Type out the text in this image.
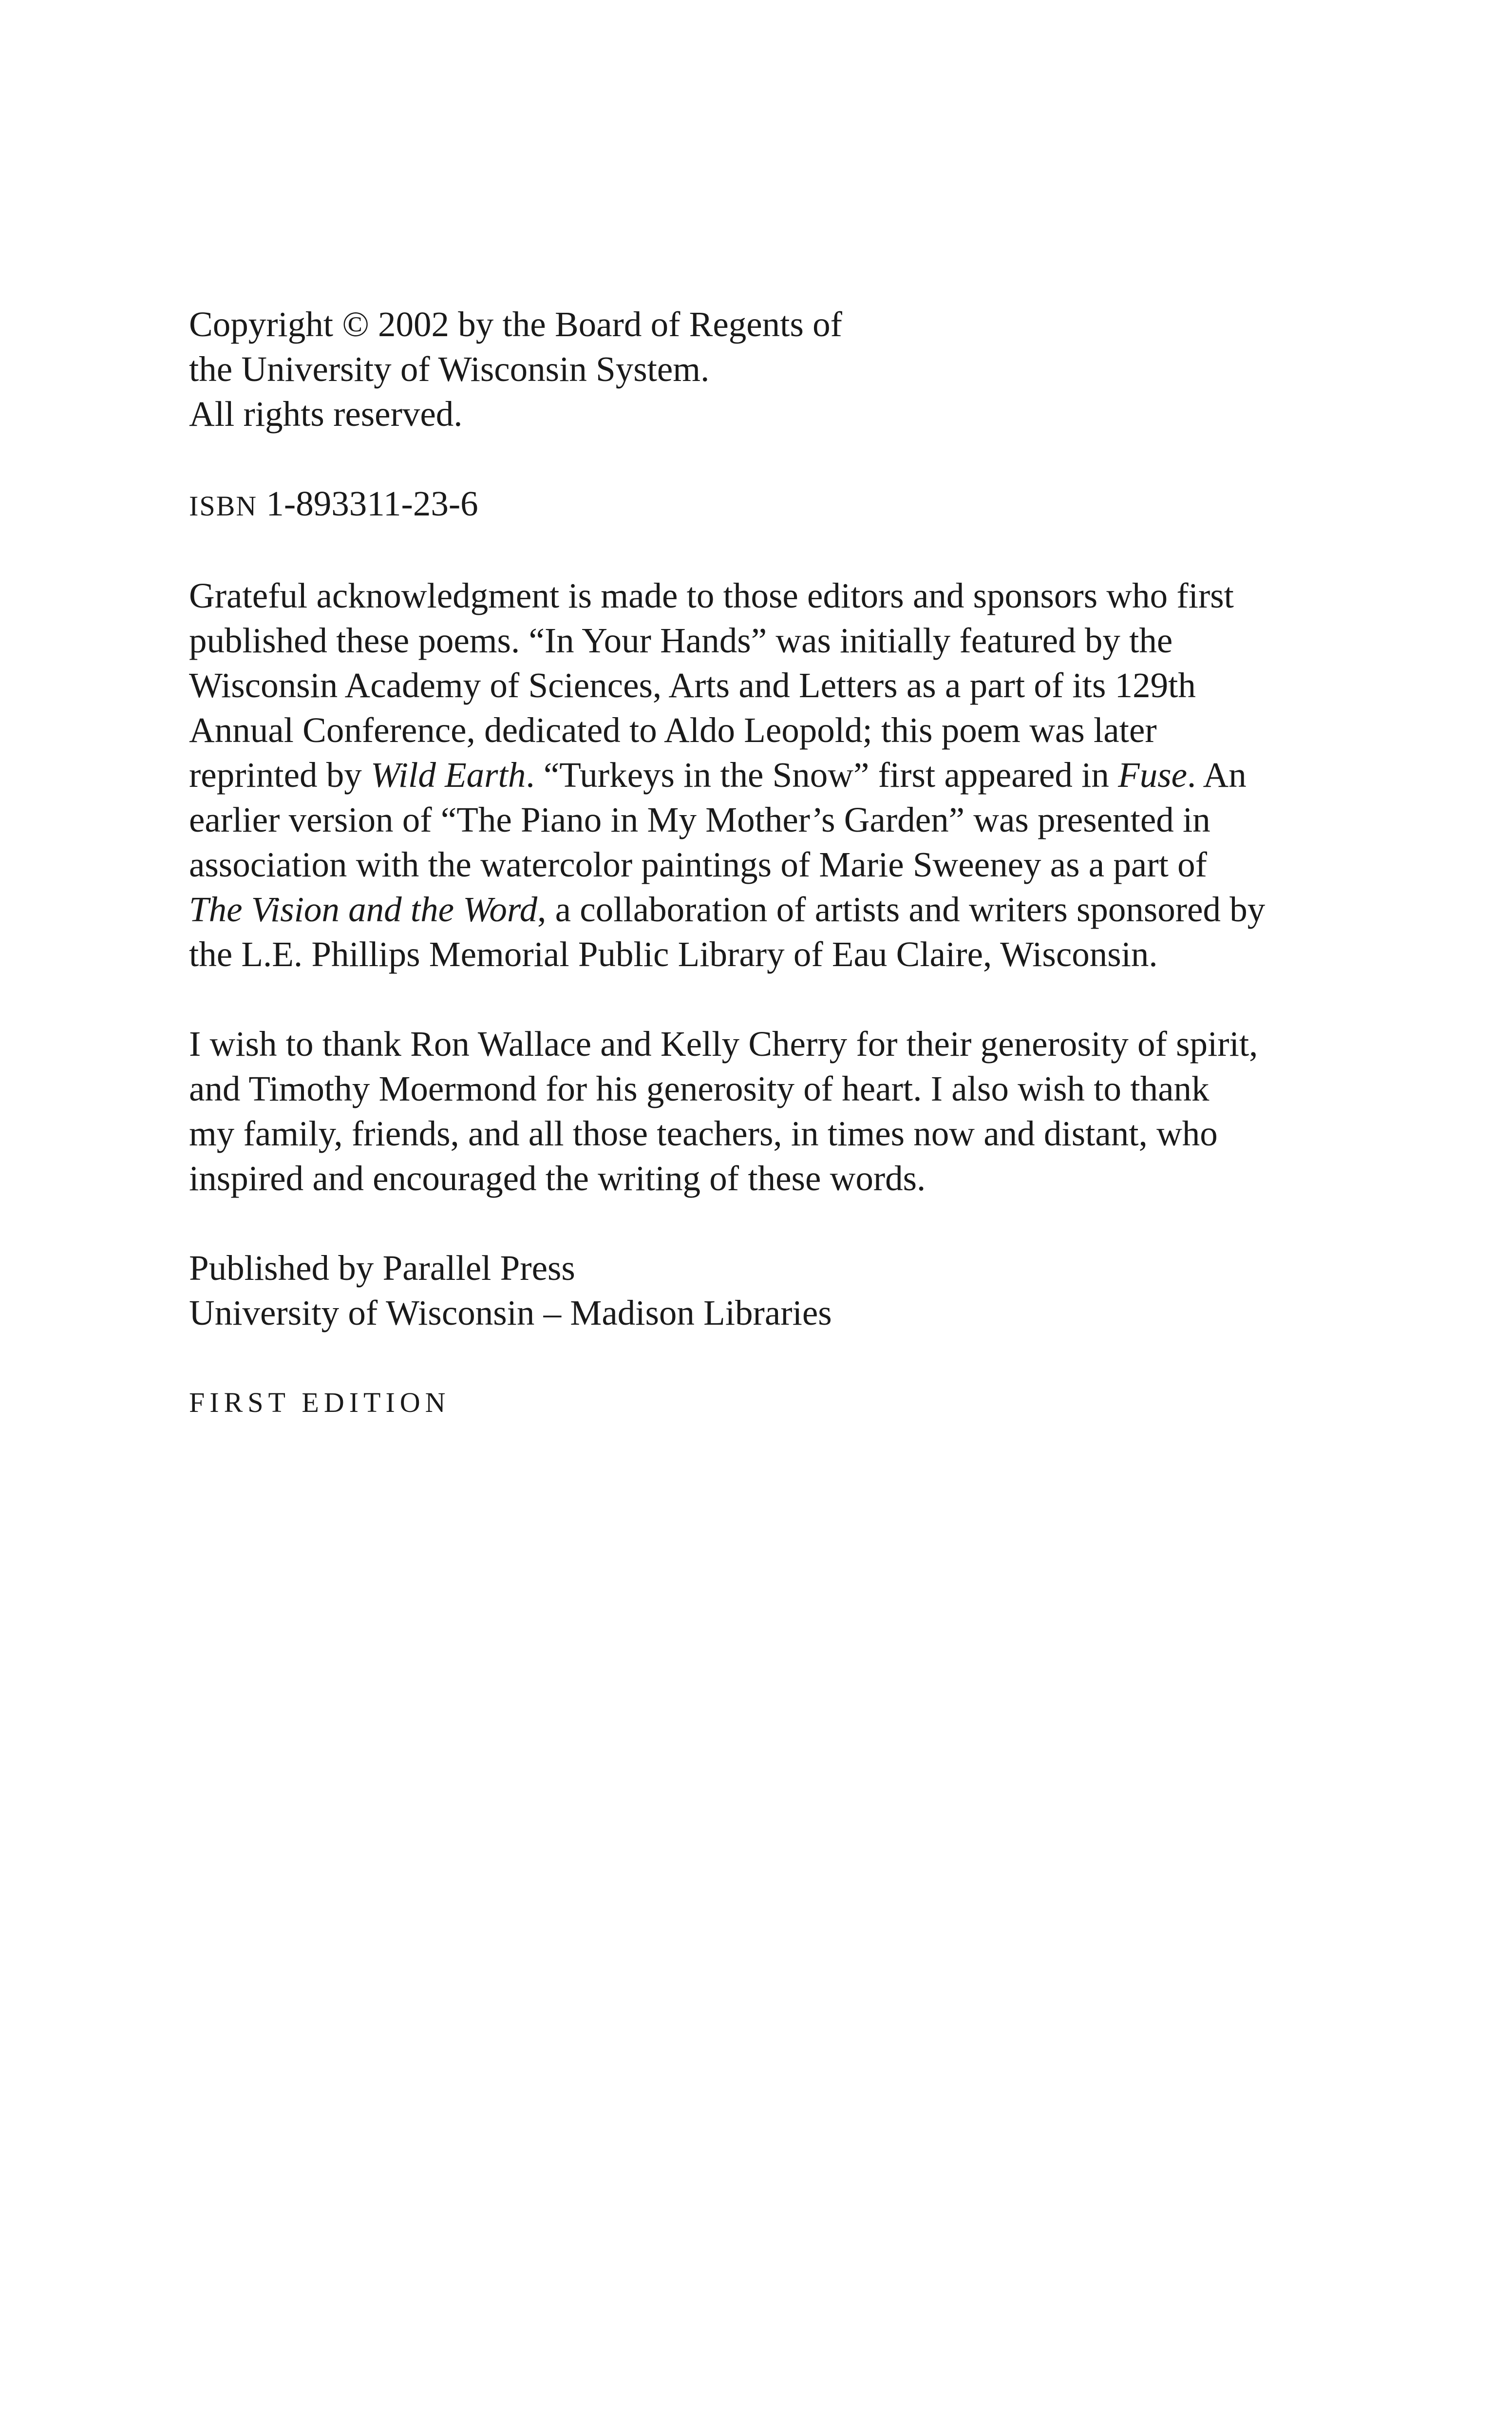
Copyright © 2002 by the Board of Regents of
the University of Wisconsin System.
All rights reserved.
ISBN 1-893311-23-6
Grateful acknowledgment is made to those editors and sponsors who first
published these poems. “In Your Hands” was initially featured by the
Wisconsin Academy of Sciences, Arts and Letters as a part of its 129th
Annual Conference, dedicated to Aldo Leopold; this poem was later
reprinted by Wild Earth. “Turkeys in the Snow” first appeared in Fuse. An
earlier version of “The Piano in My Mother’s Garden” was presented in
association with the watercolor paintings of Marie Sweeney as a part of
The Vision and the Word, a collaboration of artists and writers sponsored by
the L.E. Phillips Memorial Public Library of Eau Claire, Wisconsin.
I wish to thank Ron Wallace and Kelly Cherry for their generosity of spirit,
and Timothy Moermond for his generosity of heart. I also wish to thank
my family, friends, and all those teachers, in times now and distant, who
inspired and encouraged the writing of these words.
Published by Parallel Press
University of Wisconsin – Madison Libraries
FIRST EDITION
